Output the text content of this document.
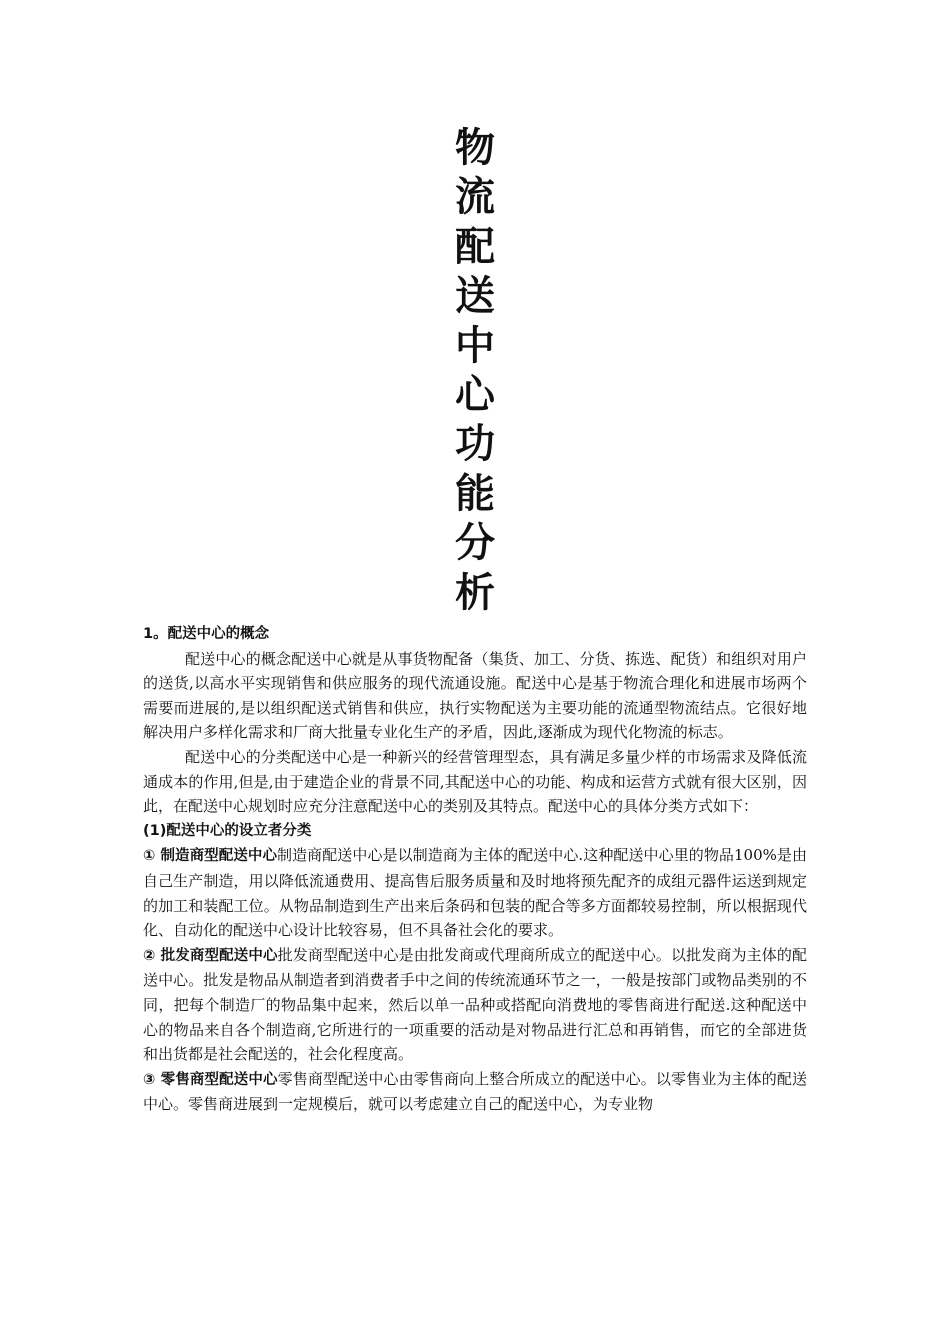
物流配送中心功能分析

1。配送中心的概念

配送中心的概念配送中心就是从事货物配备（集货、加工、分货、拣选、配货）和组织对用户的送货,以高水平实现销售和供应服务的现代流通设施。配送中心是基于物流合理化和进展市场两个需要而进展的,是以组织配送式销售和供应，执行实物配送为主要功能的流通型物流结点。它很好地解决用户多样化需求和厂商大批量专业化生产的矛盾，因此,逐渐成为现代化物流的标志。

配送中心的分类配送中心是一种新兴的经营管理型态，具有满足多量少样的市场需求及降低流通成本的作用,但是,由于建造企业的背景不同,其配送中心的功能、构成和运营方式就有很大区别，因此，在配送中心规划时应充分注意配送中心的类别及其特点。配送中心的具体分类方式如下：

(1)配送中心的设立者分类

① 制造商型配送中心制造商配送中心是以制造商为主体的配送中心.这种配送中心里的物品100%是由自己生产制造，用以降低流通费用、提高售后服务质量和及时地将预先配齐的成组元器件运送到规定的加工和装配工位。从物品制造到生产出来后条码和包装的配合等多方面都较易控制，所以根据现代化、自动化的配送中心设计比较容易，但不具备社会化的要求。

② 批发商型配送中心批发商型配送中心是由批发商或代理商所成立的配送中心。以批发商为主体的配送中心。批发是物品从制造者到消费者手中之间的传统流通环节之一，一般是按部门或物品类别的不同，把每个制造厂的物品集中起来，然后以单一品种或搭配向消费地的零售商进行配送.这种配送中心的物品来自各个制造商,它所进行的一项重要的活动是对物品进行汇总和再销售，而它的全部进货和出货都是社会配送的，社会化程度高。

③ 零售商型配送中心零售商型配送中心由零售商向上整合所成立的配送中心。以零售业为主体的配送中心。零售商进展到一定规模后，就可以考虑建立自己的配送中心，为专业物
